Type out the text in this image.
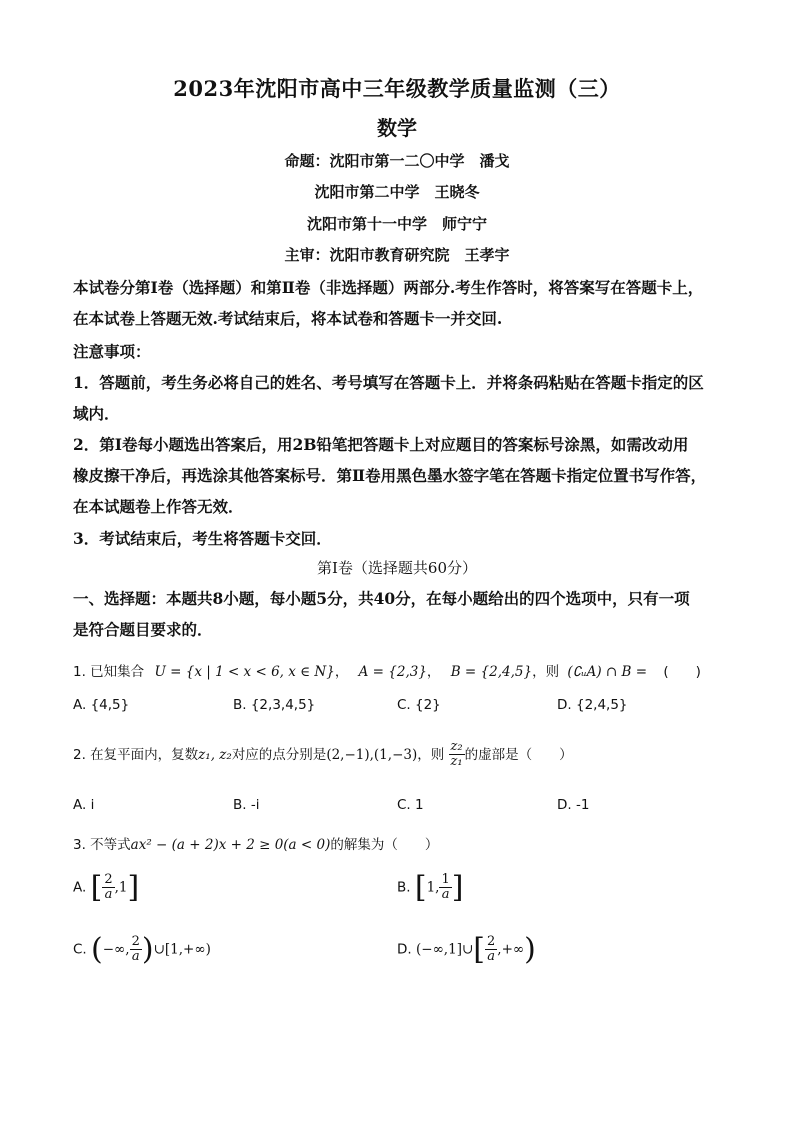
2023年沈阳市高中三年级教学质量监测（三）
数学
命题：沈阳市第一二〇中学　潘戈
沈阳市第二中学　王晓冬
沈阳市第十一中学　师宁宁
主审：沈阳市教育研究院　王孝宇
本试卷分第Ⅰ卷（选择题）和第Ⅱ卷（非选择题）两部分.考生作答时，将答案写在答题卡上，
在本试卷上答题无效.考试结束后，将本试卷和答题卡一并交回.
注意事项：
1．答题前，考生务必将自己的姓名、考号填写在答题卡上．并将条码粘贴在答题卡指定的区
域内．
2．第Ⅰ卷每小题选出答案后，用2B铅笔把答题卡上对应题目的答案标号涂黑，如需改动用
橡皮擦干净后，再选涂其他答案标号．第Ⅱ卷用黑色墨水签字笔在答题卡指定位置书写作答，
在本试题卷上作答无效．
3．考试结束后，考生将答题卡交回．
第Ⅰ卷（选择题共60分）
一、选择题：本题共8小题，每小题5分，共40分，在每小题给出的四个选项中，只有一项
是符合题目要求的．
1. 已知集合 U = {x | 1 < x < 6, x ∈ N}， A = {2,3}， B = {2,4,5}，则 (∁ᵤA) ∩ B = (　　)
A. {4,5}	B. {2,3,4,5}	C. {2}	D. {2,4,5}
2. 在复平面内，复数z₁, z₂对应的点分别是(2,−1),(1,−3)，则 $\frac{\text{z₂}}{\text{z₁}}$ 的虚部是（　　）
A. i	B. -i	C. 1	D. -1
3. 不等式ax² − (a + 2)x + 2 ≥ 0(a < 0)的解集为（　　）
A. [ $\frac{2}{a} ,1$]	B. [1, $\frac{1}{a}$ ]
C. (−∞, $\frac{2}{a}$ )∪[1,+∞)	D. (−∞,1]∪[ $\frac{2}{a}$ ,+∞)
